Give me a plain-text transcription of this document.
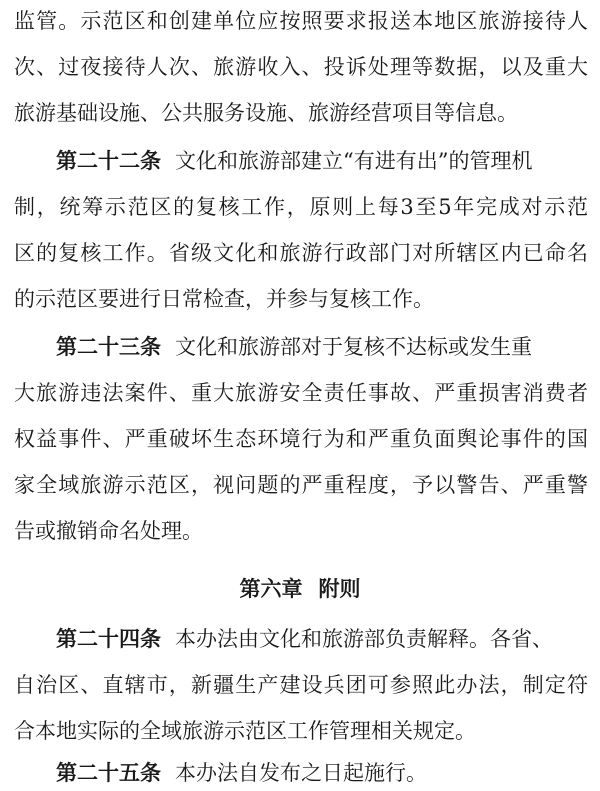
监管。示范区和创建单位应按照要求报送本地区旅游接待人
次、过夜接待人次、旅游收入、投诉处理等数据，以及重大
旅游基础设施、公共服务设施、旅游经营项目等信息。
第二十二条 文化和旅游部建立“有进有出”的管理机
制，统筹示范区的复核工作，原则上每3至5年完成对示范
区的复核工作。省级文化和旅游行政部门对所辖区内已命名
的示范区要进行日常检查，并参与复核工作。
第二十三条 文化和旅游部对于复核不达标或发生重
大旅游违法案件、重大旅游安全责任事故、严重损害消费者
权益事件、严重破坏生态环境行为和严重负面舆论事件的国
家全域旅游示范区，视问题的严重程度，予以警告、严重警
告或撤销命名处理。
第六章 附则
第二十四条 本办法由文化和旅游部负责解释。各省、
自治区、直辖市，新疆生产建设兵团可参照此办法，制定符
合本地实际的全域旅游示范区工作管理相关规定。
第二十五条 本办法自发布之日起施行。
